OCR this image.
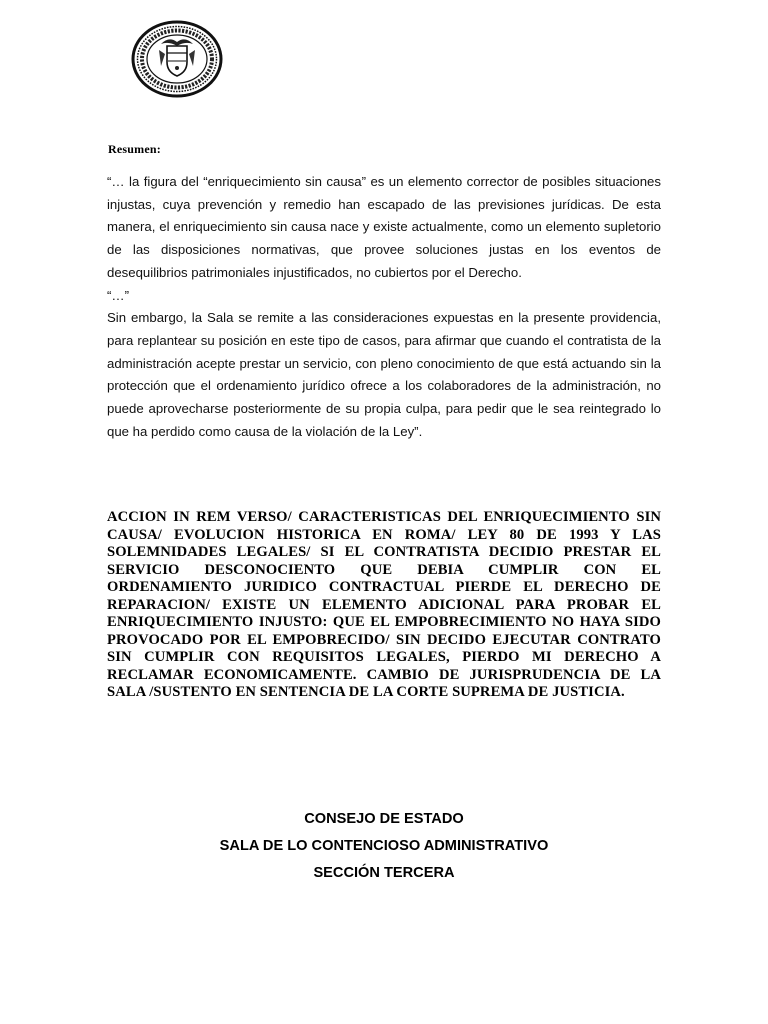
Resumen:

“… la figura del “enriquecimiento sin causa” es un elemento corrector de posibles situaciones injustas, cuya prevención y remedio han escapado de las previsiones jurídicas. De esta manera, el enriquecimiento sin causa nace y existe actualmente, como un elemento supletorio de las disposiciones normativas, que provee soluciones justas en los eventos de desequilibrios patrimoniales injustificados, no cubiertos por el Derecho.

“…”

Sin embargo, la Sala se remite a las consideraciones expuestas en la presente providencia, para replantear su posición en este tipo de casos, para afirmar que cuando el contratista de la administración acepte prestar un servicio, con pleno conocimiento de que está actuando sin la protección que el ordenamiento jurídico ofrece a los colaboradores de la administración, no puede aprovecharse posteriormente de su propia culpa, para pedir que le sea reintegrado lo que ha perdido como causa de la violación de la Ley”.

ACCION IN REM VERSO/ CARACTERISTICAS DEL ENRIQUECIMIENTO SIN CAUSA/ EVOLUCION HISTORICA EN ROMA/ LEY 80 DE 1993 Y LAS SOLEMNIDADES LEGALES/ SI EL CONTRATISTA DECIDIO PRESTAR EL SERVICIO DESCONOCIENTO QUE DEBIA CUMPLIR CON EL ORDENAMIENTO JURIDICO CONTRACTUAL PIERDE EL DERECHO DE REPARACION/ EXISTE UN ELEMENTO ADICIONAL PARA PROBAR EL ENRIQUECIMIENTO INJUSTO: QUE EL EMPOBRECIMIENTO NO HAYA SIDO PROVOCADO POR EL EMPOBRECIDO/ SIN DECIDO EJECUTAR CONTRATO SIN CUMPLIR CON REQUISITOS LEGALES, PIERDO MI DERECHO A RECLAMAR ECONOMICAMENTE. CAMBIO DE JURISPRUDENCIA DE LA SALA /SUSTENTO EN SENTENCIA DE LA CORTE SUPREMA DE JUSTICIA.
CONSEJO DE ESTADO
SALA DE LO CONTENCIOSO ADMINISTRATIVO
SECCIÓN TERCERA
